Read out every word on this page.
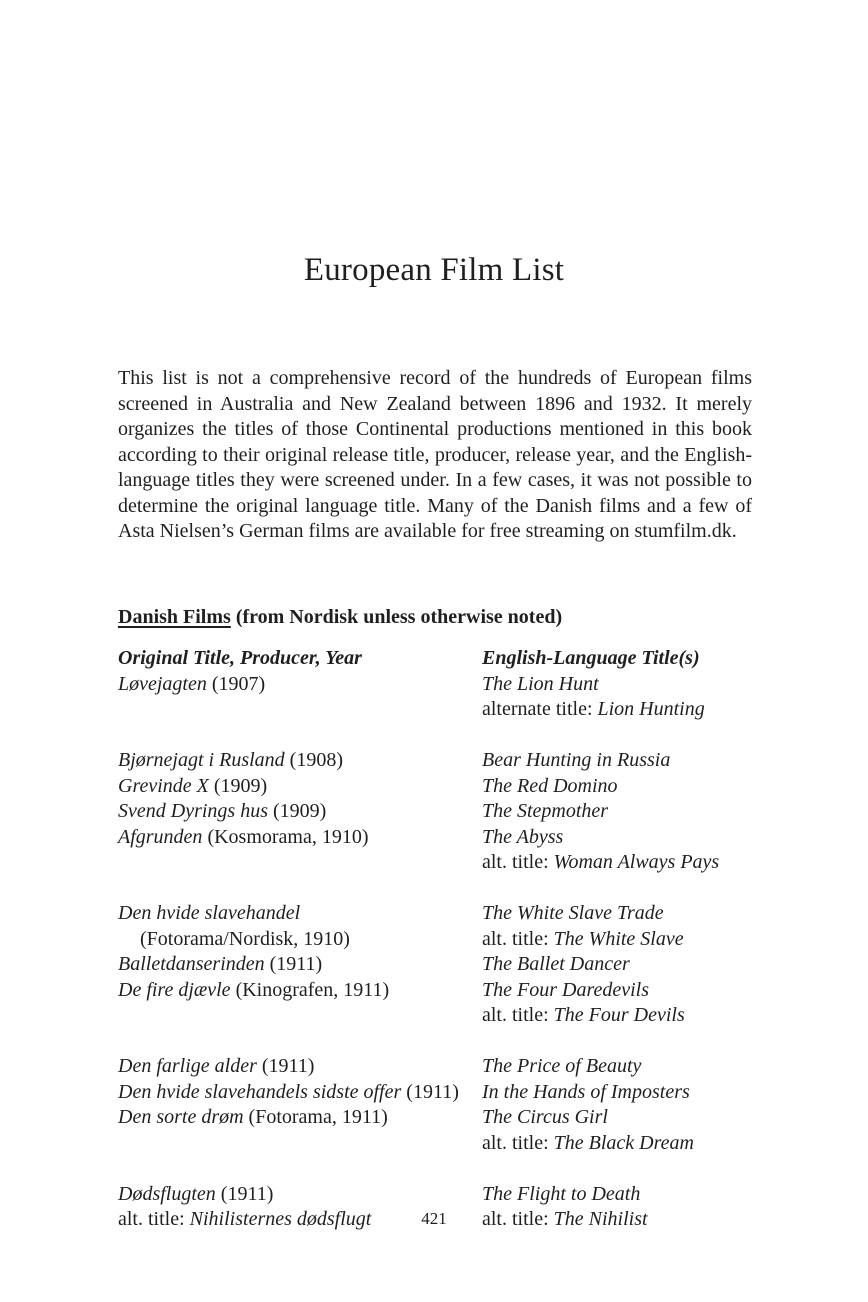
European Film List

This list is not a comprehensive record of the hundreds of European films screened in Australia and New Zealand between 1896 and 1932. It merely organizes the titles of those Continental productions mentioned in this book according to their original release title, producer, release year, and the English-language titles they were screened under. In a few cases, it was not possible to determine the original language title. Many of the Danish films and a few of Asta Nielsen’s German films are available for free streaming on stumfilm.dk.

Danish Films (from Nordisk unless otherwise noted)
Original Title, Producer, Year
Løvejagten (1907)
Bjørnejagt i Rusland (1908)
Grevinde X (1909)
Svend Dyrings hus (1909)
Afgrunden (Kosmorama, 1910)
Den hvide slavehandel
(Fotorama/Nordisk, 1910)
Balletdanserinden (1911)
De fire djævle (Kinografen, 1911)
Den farlige alder (1911)
Den hvide slavehandels sidste offer (1911)
Den sorte drøm (Fotorama, 1911)
Dødsflugten (1911)
alt. title: Nihilisternes dødsflugt
English-Language Title(s)
The Lion Hunt
alternate title: Lion Hunting
Bear Hunting in Russia
The Red Domino
The Stepmother
The Abyss
alt. title: Woman Always Pays
The White Slave Trade
alt. title: The White Slave
The Ballet Dancer
The Four Daredevils
alt. title: The Four Devils
The Price of Beauty
In the Hands of Imposters
The Circus Girl
alt. title: The Black Dream
The Flight to Death
alt. title: The Nihilist

421
